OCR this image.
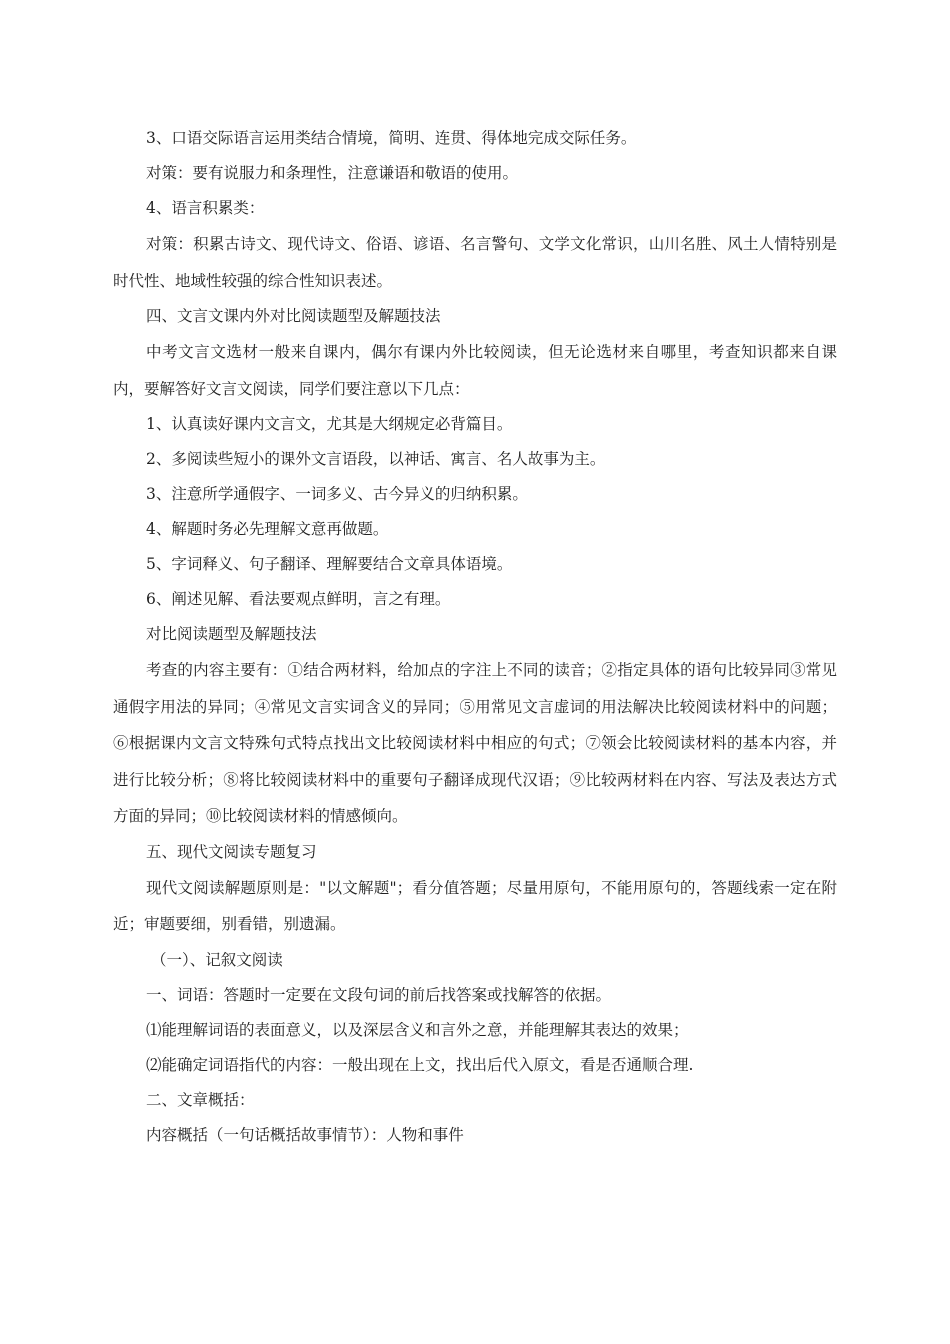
3、口语交际语言运用类结合情境，简明、连贯、得体地完成交际任务。

对策：要有说服力和条理性，注意谦语和敬语的使用。

4、语言积累类：

对策：积累古诗文、现代诗文、俗语、谚语、名言警句、文学文化常识，山川名胜、风土人情特别是时代性、地域性较强的综合性知识表述。

四、文言文课内外对比阅读题型及解题技法

中考文言文选材一般来自课内，偶尔有课内外比较阅读，但无论选材来自哪里，考查知识都来自课内，要解答好文言文阅读，同学们要注意以下几点：

1、认真读好课内文言文，尤其是大纲规定必背篇目。

2、多阅读些短小的课外文言语段，以神话、寓言、名人故事为主。

3、注意所学通假字、一词多义、古今异义的归纳积累。

4、解题时务必先理解文意再做题。

5、字词释义、句子翻译、理解要结合文章具体语境。

6、阐述见解、看法要观点鲜明，言之有理。

对比阅读题型及解题技法

考查的内容主要有：①结合两材料，给加点的字注上不同的读音；②指定具体的语句比较异同③常见通假字用法的异同；④常见文言实词含义的异同；⑤用常见文言虚词的用法解决比较阅读材料中的问题；⑥根据课内文言文特殊句式特点找出文比较阅读材料中相应的句式；⑦领会比较阅读材料的基本内容，并进行比较分析；⑧将比较阅读材料中的重要句子翻译成现代汉语；⑨比较两材料在内容、写法及表达方式方面的异同；⑩比较阅读材料的情感倾向。

五、现代文阅读专题复习

现代文阅读解题原则是："以文解题"；看分值答题；尽量用原句，不能用原句的，答题线索一定在附近；审题要细，别看错，别遗漏。

（一）、记叙文阅读

一、词语：答题时一定要在文段句词的前后找答案或找解答的依据。

⑴能理解词语的表面意义，以及深层含义和言外之意，并能理解其表达的效果；

⑵能确定词语指代的内容：一般出现在上文，找出后代入原文，看是否通顺合理.

二、文章概括：

内容概括（一句话概括故事情节）：人物和事件
